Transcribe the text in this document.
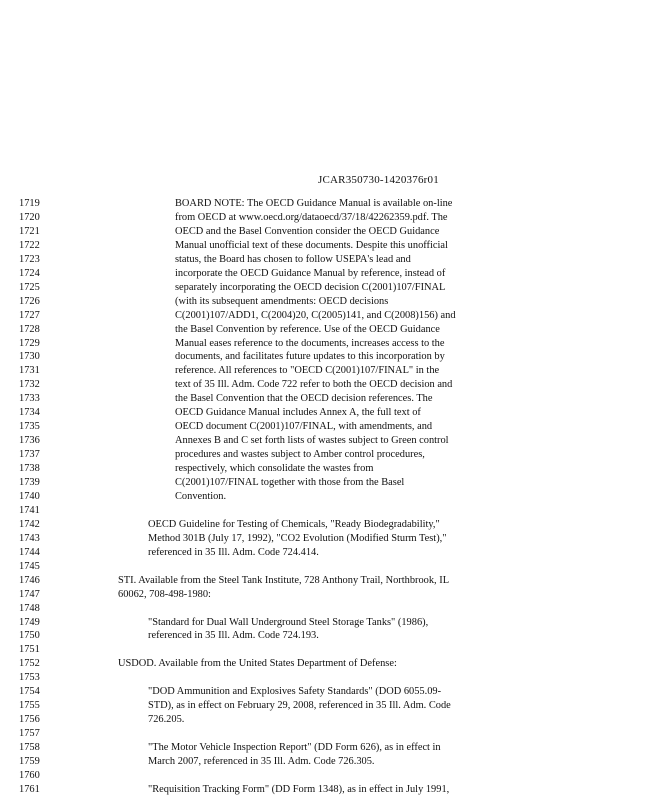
JCAR350730-1420376r01
1719	BOARD NOTE: The OECD Guidance Manual is available on-line
1720	from OECD at www.oecd.org/dataoecd/37/18/42262359.pdf. The
1721	OECD and the Basel Convention consider the OECD Guidance
1722	Manual unofficial text of these documents. Despite this unofficial
1723	status, the Board has chosen to follow USEPA's lead and
1724	incorporate the OECD Guidance Manual by reference, instead of
1725	separately incorporating the OECD decision C(2001)107/FINAL
1726	(with its subsequent amendments: OECD decisions
1727	C(2001)107/ADD1, C(2004)20, C(2005)141, and C(2008)156) and
1728	the Basel Convention by reference. Use of the OECD Guidance
1729	Manual eases reference to the documents, increases access to the
1730	documents, and facilitates future updates to this incorporation by
1731	reference. All references to "OECD C(2001)107/FINAL" in the
1732	text of 35 Ill. Adm. Code 722 refer to both the OECD decision and
1733	the Basel Convention that the OECD decision references. The
1734	OECD Guidance Manual includes Annex A, the full text of
1735	OECD document C(2001)107/FINAL, with amendments, and
1736	Annexes B and C set forth lists of wastes subject to Green control
1737	procedures and wastes subject to Amber control procedures,
1738	respectively, which consolidate the wastes from
1739	C(2001)107/FINAL together with those from the Basel
1740	Convention.
1741
1742	OECD Guideline for Testing of Chemicals, "Ready Biodegradability,"
1743	Method 301B (July 17, 1992), "CO2 Evolution (Modified Sturm Test),"
1744	referenced in 35 Ill. Adm. Code 724.414.
1745
1746	STI. Available from the Steel Tank Institute, 728 Anthony Trail, Northbrook, IL
1747	60062, 708-498-1980:
1748
1749	"Standard for Dual Wall Underground Steel Storage Tanks" (1986),
1750	referenced in 35 Ill. Adm. Code 724.193.
1751
1752	USDOD. Available from the United States Department of Defense:
1753
1754	"DOD Ammunition and Explosives Safety Standards" (DOD 6055.09-
1755	STD), as in effect on February 29, 2008, referenced in 35 Ill. Adm. Code
1756	726.205.
1757
1758	"The Motor Vehicle Inspection Report" (DD Form 626), as in effect in
1759	March 2007, referenced in 35 Ill. Adm. Code 726.305.
1760
1761	"Requisition Tracking Form" (DD Form 1348), as in effect in July 1991,
